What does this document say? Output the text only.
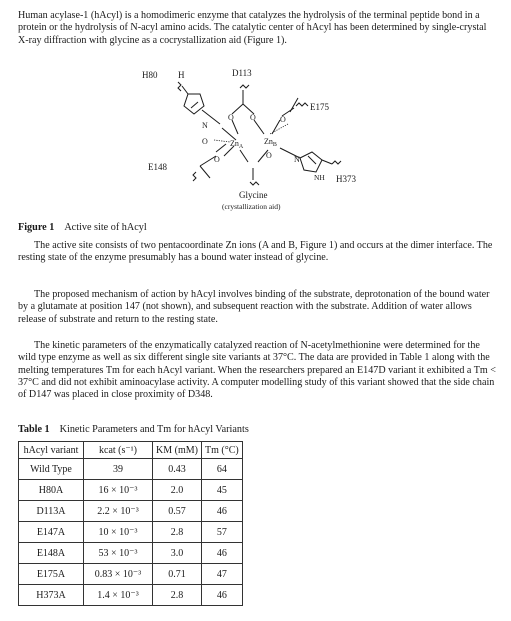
Human acylase-1 (hAcyl) is a homodimeric enzyme that catalyzes the hydrolysis of the terminal peptide bond in a protein or the hydrolysis of N-acyl amino acids. The catalytic center of hAcyl has been determined by single-crystal X-ray diffraction with glycine as a cocrystallization aid (Figure 1).

H80 H	D113
E175
N
O O	O
O	$Zn_A$
$Zn_B$
O	O	N
E148
NH H373
Glycine
(crystallization aid)
Figure 1 Active site of hAcyl

The active site consists of two pentacoordinate Zn ions (A and B, Figure 1) and occurs at the dimer interface. The resting state of the enzyme presumably has a bound water instead of glycine.

The proposed mechanism of action by hAcyl involves binding of the substrate, deprotonation of the bound water by a glutamate at position 147 (not shown), and subsequent reaction with the substrate. Addition of water allows release of substrate and return to the resting state.

The kinetic parameters of the enzymatically catalyzed reaction of N-acetylmethionine were determined for the wild type enzyme as well as six different single site variants at 37°C. The data are provided in Table 1 along with the melting temperatures Tm for each hAcyl variant. When the researchers prepared an E147D variant it exhibited a Tm < 37°C and did not exhibit aminoacylase activity. A computer modelling study of this variant showed that the side chain of D147 was placed in close proximity of D348.

Table 1 Kinetic Parameters and Tm for hAcyl Variants
hAcyl variant	kcat (s⁻¹)	KM (mM)	Tm (°C)
Wild Type	39	0.43	64
H80A	16 × 10⁻³	2.0	45
D113A	2.2 × 10⁻³	0.57	46
E147A	10 × 10⁻³	2.8	57
E148A	53 × 10⁻³	3.0	46
E175A	0.83 × 10⁻³	0.71	47
H373A	1.4 × 10⁻³	2.8	46
